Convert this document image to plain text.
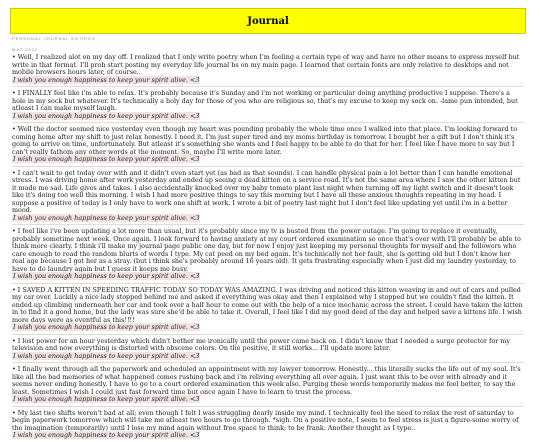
Journal
PERSONAL JOURNAL ENTRIES
MAY 2011

• Well, I realized alot on my day off. I realized that I only write poetry when I'm feeling a certain type of way and have no other means to express myself but write in that format. I'll prob start posting my everyday life journal bs on my main page. I learned that certain fonts are only relative to desktops and not mobile browsers hours later, of course..

I wish you enough happiness to keep your spirit alive. <3

• I FINALLY feel like i'm able to relax. It's probably because it's Sunday and i'm not working or particular doing anything productive I suppose. There's a hole in my sock but whatever. It's technically a holy day for those of you who are religious so, that's my excuse to keep my sock on. -lame pun intended, but atleast I can make myself laugh.

I wish you enough happiness to keep your spirit alive. <3

• Well the doctor seemed nice yesterday even though my heart was pounding probably the whole time once I walked into that place. I'm looking forward to coming home after my shift to just relax honestly. I need it. I'm just super tired and my moms birthday is tomorrow. I bought her a gift but I don't think it's going to arrive on time, unfortunately. But atleast it's something she wants and I feel happy to be able to do that for her. I feel like I have more to say but I can't really fathom any other words at the moment. So, maybe I'll write more later.

I wish you enough happiness to keep your spirit alive. <3

• I can't wait to get today over with and it didn't even start yet (as bad as that sounds). I can handle physical pain a lot better than I can handle emotional stress. I was driving home after work yesterday and ended up seeing a dead kitten on a service road. It's not the same area where I saw the other kitten but it made me sad. Life gives and takes. I also accidentally knocked over my baby tomato plant last night when turning off my light switch and it doesn't look like it's doing too well this morning. I wish I had more positive things to say this morning but I have all these anxious thoughts repeating in my head. I suppose a positive of today is I only have to work one shift at work. I wrote a bit of poetry last night but I don't feel like updating yet until i'm in a better mood.

I wish you enough happiness to keep your spirit alive. <3

• I feel like i've been updating a lot more than usual, but it's probably since my tv is busted from the power outage. I'm going to replace it eventually, probably sometime next week. Once again. I look forward to having anxiety at my court ordered examination so once that's over with I'll probably be able to think more clearly. I think i'll make my journal page public one day, but for now I enjoy just keeping my personal thoughts for myself and the followers who care enough to read the random blurts of words I type. My cat peed on my bed again. It's technically not her fault, she is getting old but I don't know her real age because I got her as a stray. (but i think she's probably around 16 years old). It gets frustrating especially when I just did my laundry yesterday, to have to do laundry again but I guess it keeps me busy.

I wish you enough happiness to keep your spirit alive. <3

• I SAVED A KITTEN IN SPEEDING TRAFFIC TODAY SO TODAY WAS AMAZING. I was driving and noticed this kitten weaving in and out of cars and pulled my car over. Luckily a nice lady stopped behind me and asked if everything was okay and then I explained why I stopped but we couldn't find the kitten. It ended up climbing underneath her car and took over a half hour to come out with the help of a nice mechanic across the street. I could have taken the kitten in to find it a good home, but the lady was sure she'd be able to take it. Overall, I feel like I did my good deed of the day and helped save a kittens life. I wish more days were as eventful as this!!!!

I wish you enough happiness to keep your spirit alive. <3

• I lost power for an hour yesterday which didn't bother me ironically until the power came back on. I didn't know that I needed a surge protector for my television and now everything is distorted with obscene colors. On the positive, it still works... I'll update more later.

I wish you enough happiness to keep your spirit alive. <3

• I finally went through all the paperwork and scheduled an appointment with my lawyer tomorrow. Honestly... this literally sucks the life out of my soul. It's like all the bad memories of what happened comes rushing back and i'm reliving everything all over again. I just want this to be over with already and it seems never ending honestly. I have to go to a court ordered examination this week also. Purging these words temporarily makes me feel better, to say the least. Sometimes I wish I could just fast forward time but once again I have to learn to trust the process.

I wish you enough happiness to keep your spirit alive. <3

• My last two shifts weren't bad at all; even though I felt I was struggling dearly inside my mind. I technically feel the need to relax the rest of saturday to begin paperwork tomorrow which will take me atleast two hours to go through. *sigh. On a positive note, I seem to feel stress is just a figure-some worry of the imagination (temporarily) until I lose my mind again without free space to think; to be frank. Another thought as I type..

I wish you enough happiness to keep your spirit alive. <3
